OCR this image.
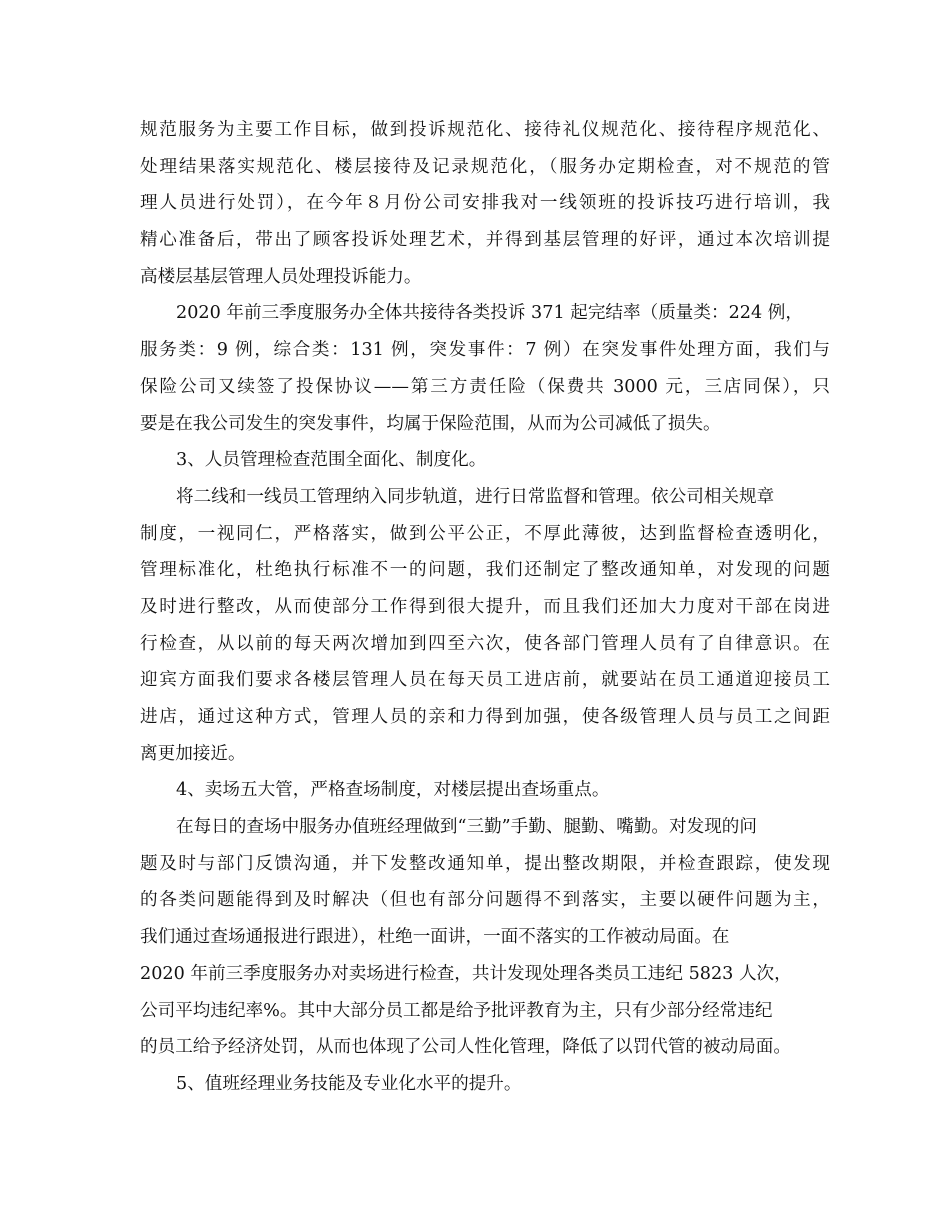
规范服务为主要工作目标，做到投诉规范化、接待礼仪规范化、接待程序规范化、
处理结果落实规范化、楼层接待及记录规范化，（服务办定期检查，对不规范的管
理人员进行处罚），在今年８月份公司安排我对一线领班的投诉技巧进行培训，我
精心准备后，带出了顾客投诉处理艺术，并得到基层管理的好评，通过本次培训提
高楼层基层管理人员处理投诉能力。
2020 年前三季度服务办全体共接待各类投诉 371 起完结率（质量类：224 例，
服务类：9 例，综合类：131 例，突发事件：7 例）在突发事件处理方面，我们与
保险公司又续签了投保协议——第三方责任险（保费共 3000 元，三店同保），只
要是在我公司发生的突发事件，均属于保险范围，从而为公司减低了损失。
3、人员管理检查范围全面化、制度化。
将二线和一线员工管理纳入同步轨道，进行日常监督和管理。依公司相关规章
制度，一视同仁，严格落实，做到公平公正，不厚此薄彼，达到监督检查透明化，
管理标准化，杜绝执行标准不一的问题，我们还制定了整改通知单，对发现的问题
及时进行整改，从而使部分工作得到很大提升，而且我们还加大力度对干部在岗进
行检查，从以前的每天两次增加到四至六次，使各部门管理人员有了自律意识。在
迎宾方面我们要求各楼层管理人员在每天员工进店前，就要站在员工通道迎接员工
进店，通过这种方式，管理人员的亲和力得到加强，使各级管理人员与员工之间距
离更加接近。
4、卖场五大管，严格查场制度，对楼层提出查场重点。
在每日的查场中服务办值班经理做到“三勤”手勤、腿勤、嘴勤。对发现的问
题及时与部门反馈沟通，并下发整改通知单，提出整改期限，并检查跟踪，使发现
的各类问题能得到及时解决（但也有部分问题得不到落实，主要以硬件问题为主，
我们通过查场通报进行跟进），杜绝一面讲，一面不落实的工作被动局面。在
2020 年前三季度服务办对卖场进行检查，共计发现处理各类员工违纪 5823 人次，
公司平均违纪率%。其中大部分员工都是给予批评教育为主，只有少部分经常违纪
的员工给予经济处罚，从而也体现了公司人性化管理，降低了以罚代管的被动局面。
5、值班经理业务技能及专业化水平的提升。
